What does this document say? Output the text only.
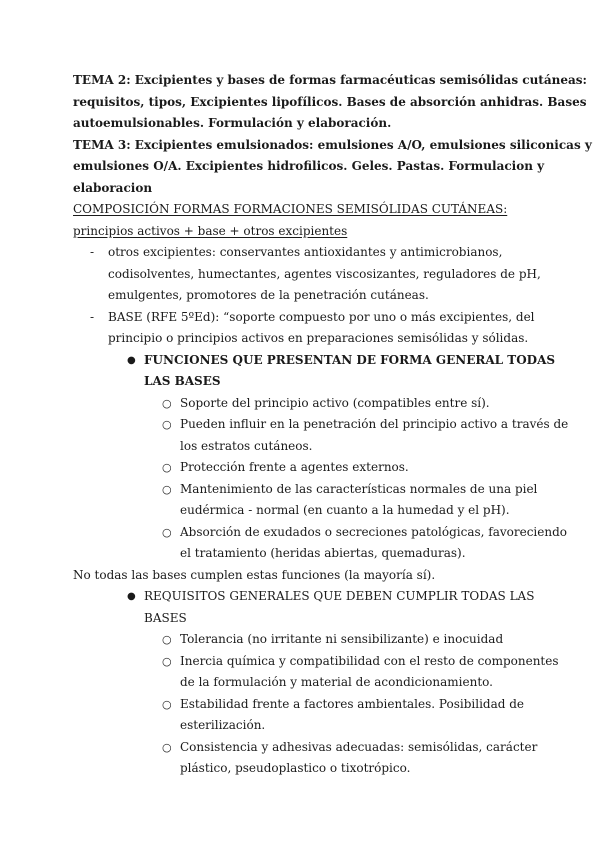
TEMA 2: Excipientes y bases de formas farmacéuticas semisólidas cutáneas:
requisitos, tipos, Excipientes lipofílicos. Bases de absorción anhidras. Bases
autoemulsionables. Formulación y elaboración.
TEMA 3: Excipientes emulsionados: emulsiones A/O, emulsiones siliconicas y
emulsiones O/A. Excipientes hidrofilicos. Geles. Pastas. Formulacion y
elaboracion
COMPOSICIÓN FORMAS FORMACIONES SEMISÓLIDAS CUTÁNEAS:
principios activos + base + otros excipientes
- otros excipientes: conservantes antioxidantes y antimicrobianos,
codisolventes, humectantes, agentes viscosizantes, reguladores de pH,
emulgentes, promotores de la penetración cutáneas.
- BASE (RFE 5ºEd): “soporte compuesto por uno o más excipientes, del
principio o principios activos en preparaciones semisólidas y sólidas.
● FUNCIONES QUE PRESENTAN DE FORMA GENERAL TODAS
LAS BASES
○ Soporte del principio activo (compatibles entre sí).
○ Pueden influir en la penetración del principio activo a través de
los estratos cutáneos.
○ Protección frente a agentes externos.
○ Mantenimiento de las características normales de una piel
eudérmica - normal (en cuanto a la humedad y el pH).
○ Absorción de exudados o secreciones patológicas, favoreciendo
el tratamiento (heridas abiertas, quemaduras).
No todas las bases cumplen estas funciones (la mayoría sí).
● REQUISITOS GENERALES QUE DEBEN CUMPLIR TODAS LAS
BASES
○ Tolerancia (no irritante ni sensibilizante) e inocuidad
○ Inercia química y compatibilidad con el resto de componentes
de la formulación y material de acondicionamiento.
○ Estabilidad frente a factores ambientales. Posibilidad de
esterilización.
○ Consistencia y adhesivas adecuadas: semisólidas, carácter
plástico, pseudoplastico o tixotrópico.
